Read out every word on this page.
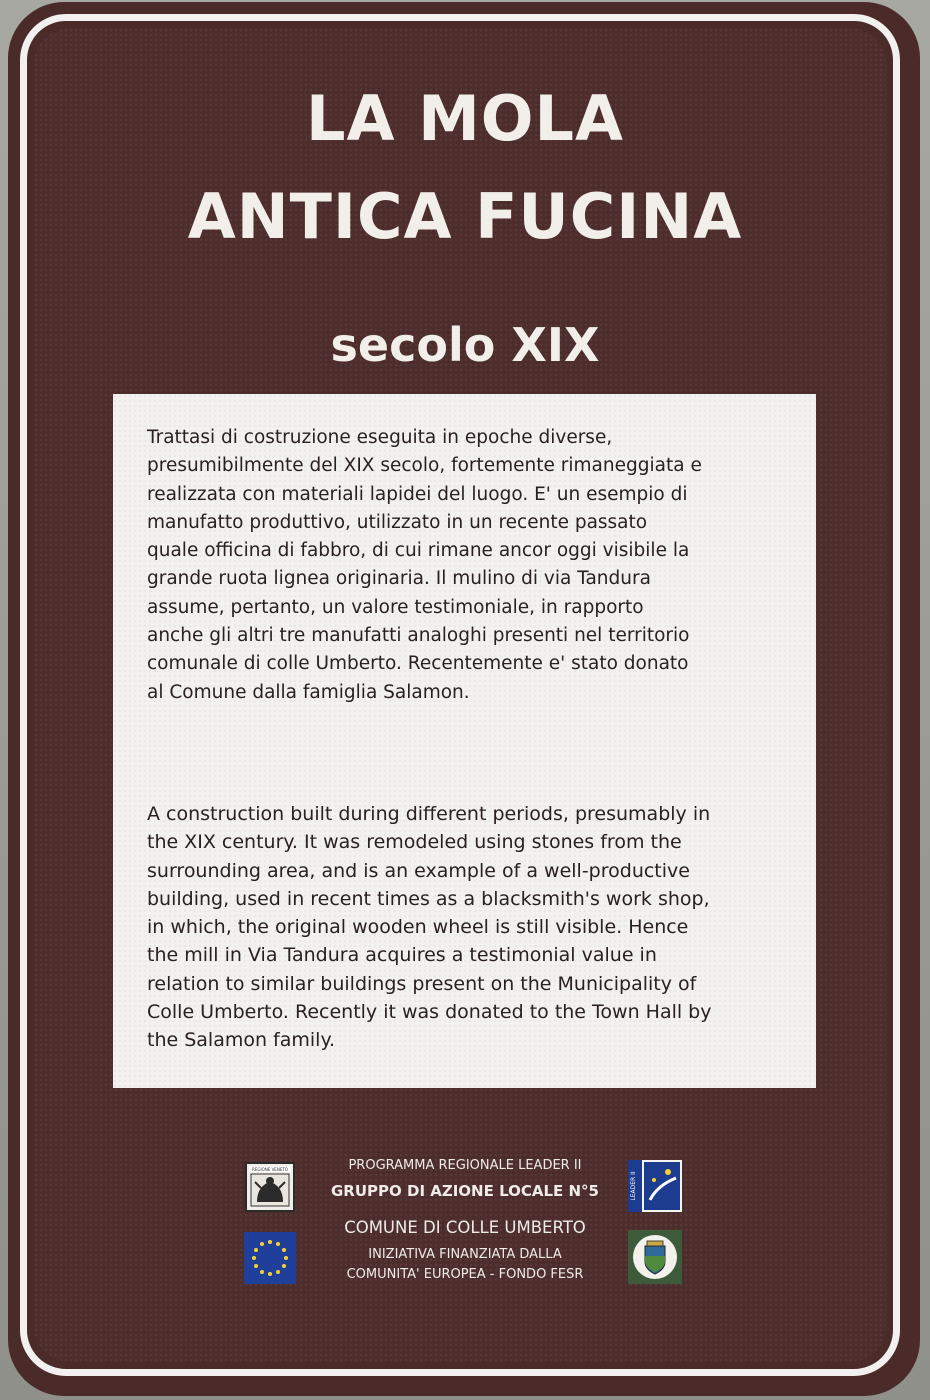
LA MOLA
ANTICA FUCINA
secolo XIX

Trattasi di costruzione eseguita in epoche diverse,
presumibilmente del XIX secolo, fortemente rimaneggiata e
realizzata con materiali lapidei del luogo. E' un esempio di
manufatto produttivo, utilizzato in un recente passato
quale officina di fabbro, di cui rimane ancor oggi visibile la
grande ruota lignea originaria. Il mulino di via Tandura
assume, pertanto, un valore testimoniale, in rapporto
anche gli altri tre manufatti analoghi presenti nel territorio
comunale di colle Umberto. Recentemente e' stato donato
al Comune dalla famiglia Salamon.

A construction built during different periods, presumably in
the XIX century. It was remodeled using stones from the
surrounding area, and is an example of a well-productive
building, used in recent times as a blacksmith's work shop,
in which, the original wooden wheel is still visible. Hence
the mill in Via Tandura acquires a testimonial value in
relation to similar buildings present on the Municipality of
Colle Umberto. Recently it was donated to the Town Hall by
the Salamon family.

REGIONE VENETO
LEADER II
PROGRAMMA REGIONALE LEADER II
GRUPPO DI AZIONE LOCALE N°5
COMUNE DI COLLE UMBERTO
INIZIATIVA FINANZIATA DALLA
COMUNITA' EUROPEA - FONDO FESR
